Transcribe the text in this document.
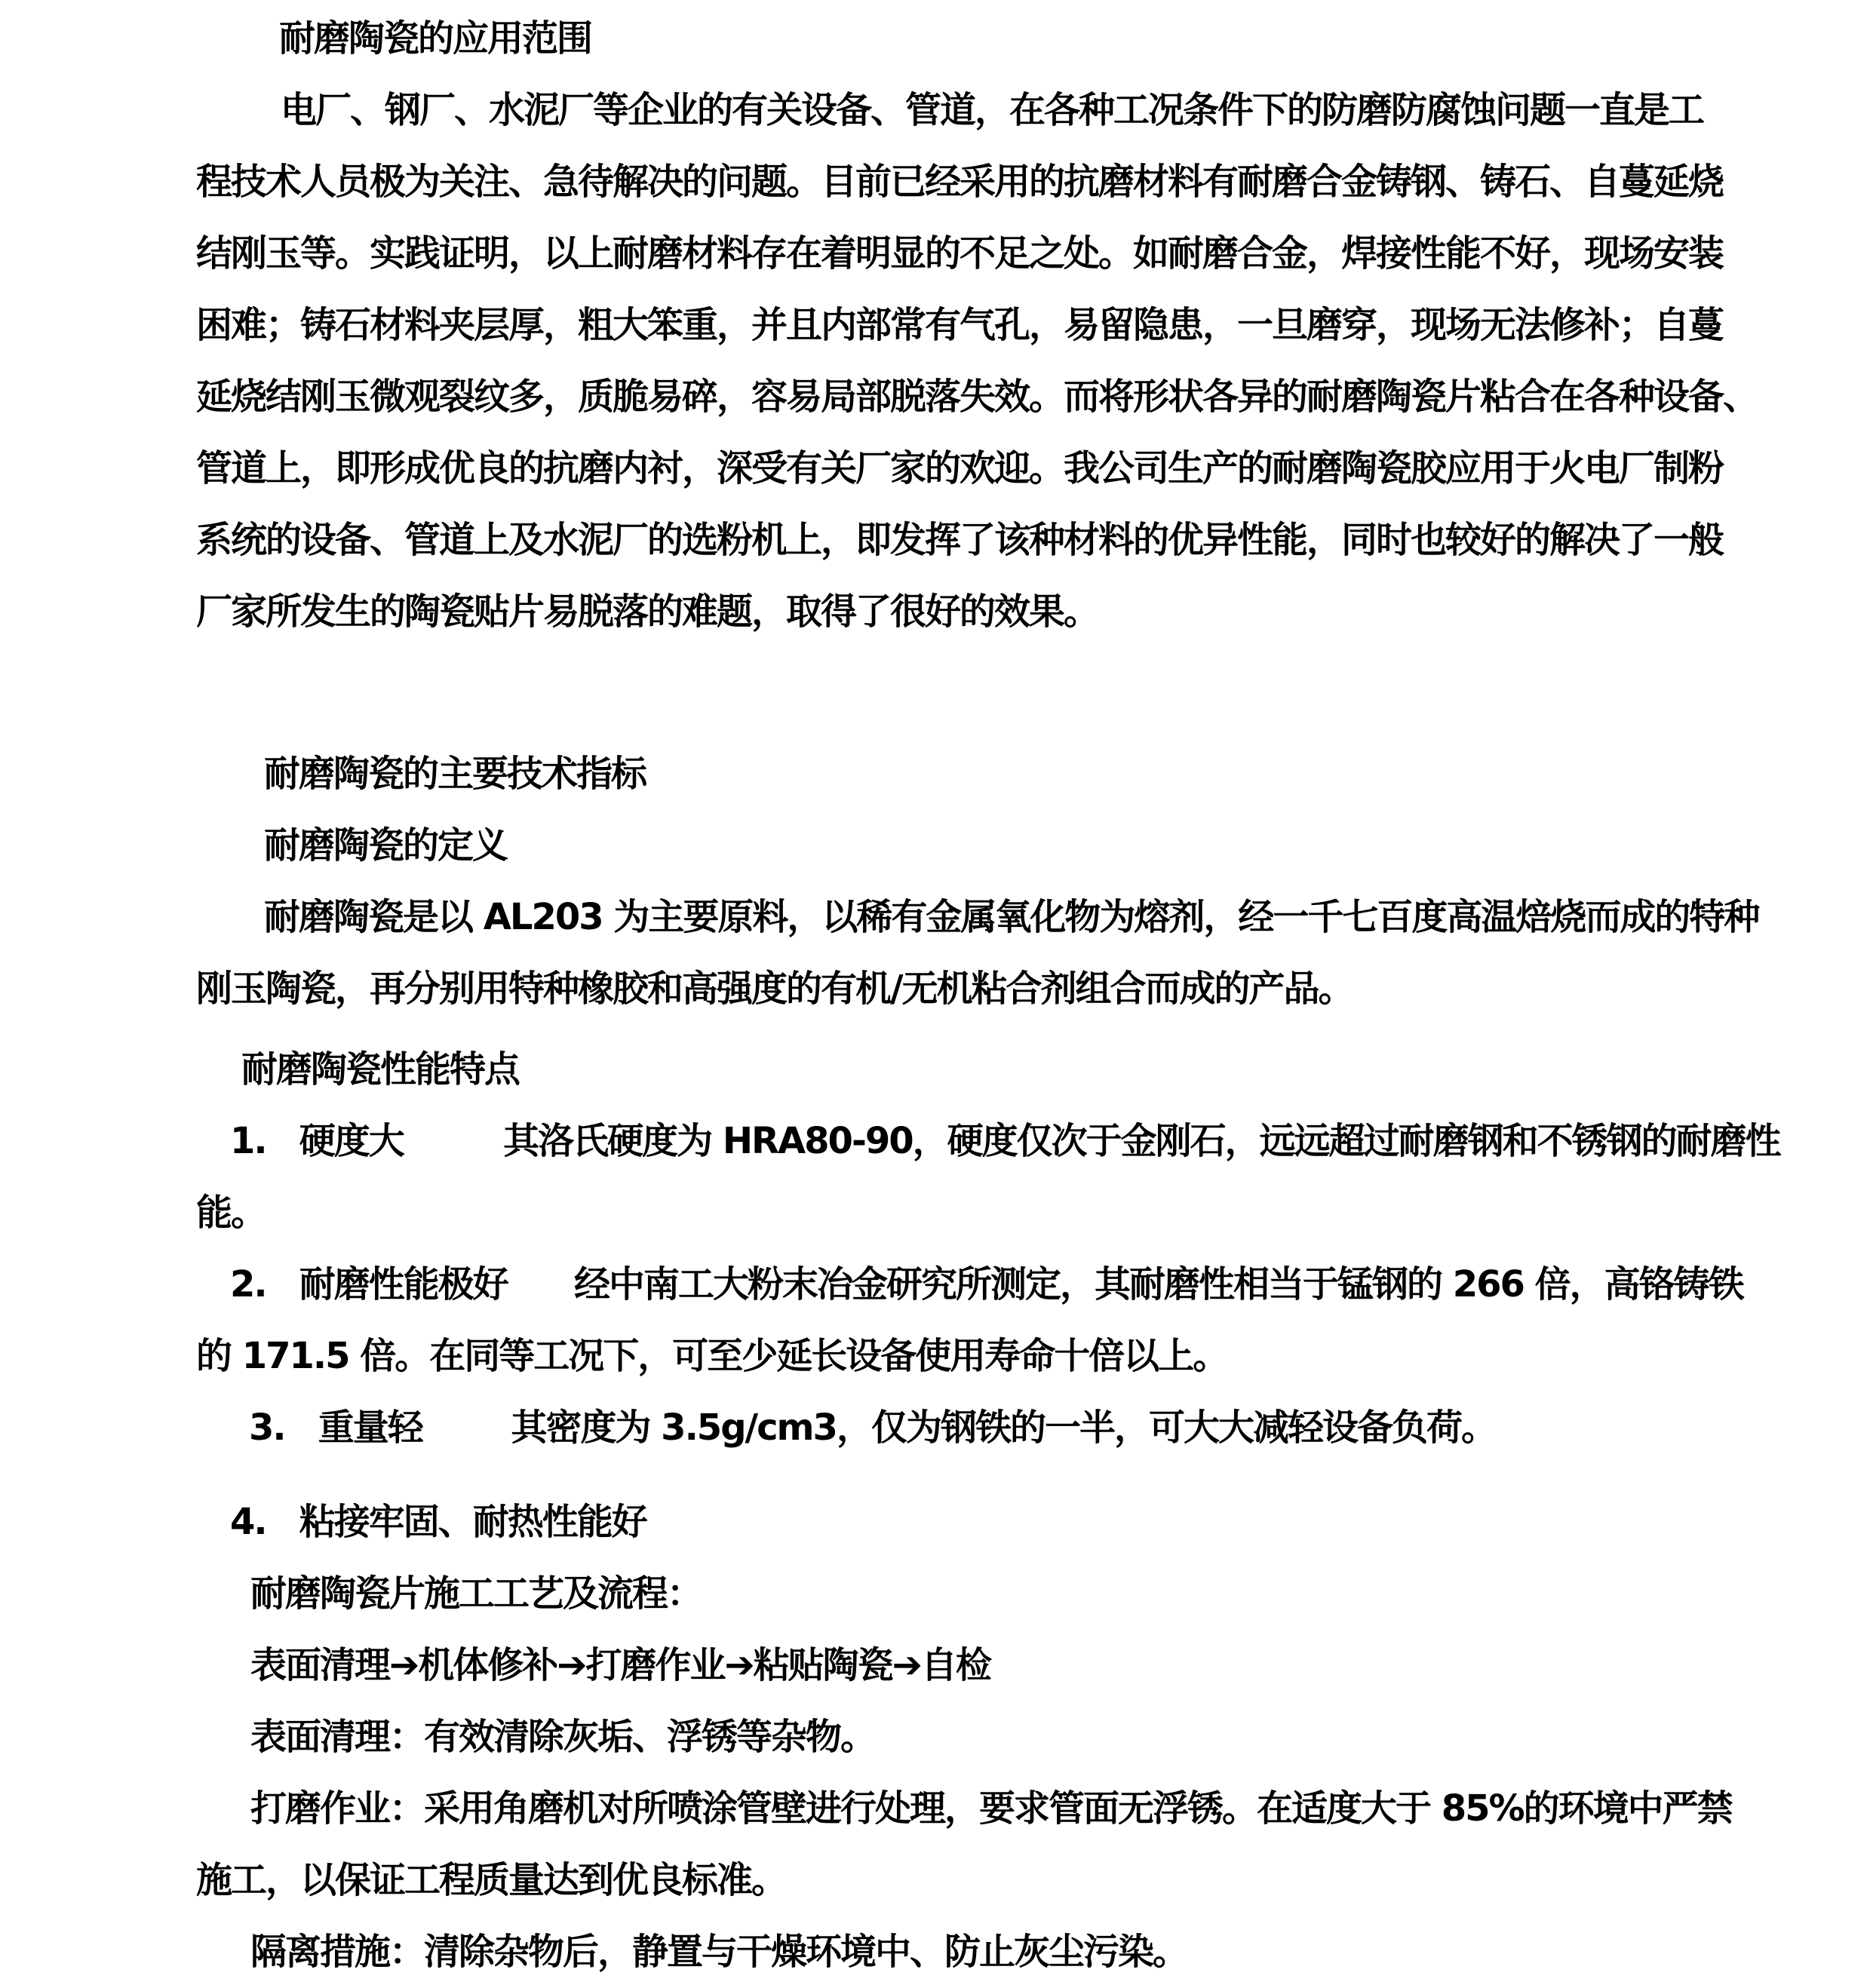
耐磨陶瓷的应用范围
电厂、钢厂、水泥厂等企业的有关设备、管道，在各种工况条件下的防磨防腐蚀问题一直是工
程技术人员极为关注、急待解决的问题。目前已经采用的抗磨材料有耐磨合金铸钢、铸石、自蔓延烧
结刚玉等。实践证明，以上耐磨材料存在着明显的不足之处。如耐磨合金，焊接性能不好，现场安装
困难；铸石材料夹层厚，粗大笨重，并且内部常有气孔，易留隐患，一旦磨穿，现场无法修补；自蔓
延烧结刚玉微观裂纹多，质脆易碎，容易局部脱落失效。而将形状各异的耐磨陶瓷片粘合在各种设备、
管道上，即形成优良的抗磨内衬，深受有关厂家的欢迎。我公司生产的耐磨陶瓷胶应用于火电厂制粉
系统的设备、管道上及水泥厂的选粉机上，即发挥了该种材料的优异性能，同时也较好的解决了一般
厂家所发生的陶瓷贴片易脱落的难题，取得了很好的效果。
耐磨陶瓷的主要技术指标
耐磨陶瓷的定义
耐磨陶瓷是以 AL203 为主要原料，以稀有金属氧化物为熔剂，经一千七百度高温焙烧而成的特种
刚玉陶瓷，再分别用特种橡胶和高强度的有机/无机粘合剂组合而成的产品。
耐磨陶瓷性能特点
1.   硬度大         其洛氏硬度为 HRA80-90，硬度仅次于金刚石，远远超过耐磨钢和不锈钢的耐磨性
能。
2.   耐磨性能极好      经中南工大粉末冶金研究所测定，其耐磨性相当于锰钢的 266 倍，高铬铸铁
的 171.5 倍。在同等工况下，可至少延长设备使用寿命十倍以上。
3.   重量轻        其密度为 3.5g/cm3，仅为钢铁的一半，可大大减轻设备负荷。
4.   粘接牢固、耐热性能好
耐磨陶瓷片施工工艺及流程：
表面清理➔机体修补➔打磨作业➔粘贴陶瓷➔自检
表面清理：有效清除灰垢、浮锈等杂物。
打磨作业：采用角磨机对所喷涂管壁进行处理，要求管面无浮锈。在适度大于 85%的环境中严禁
施工，以保证工程质量达到优良标准。
隔离措施：清除杂物后，静置与干燥环境中、防止灰尘污染。
